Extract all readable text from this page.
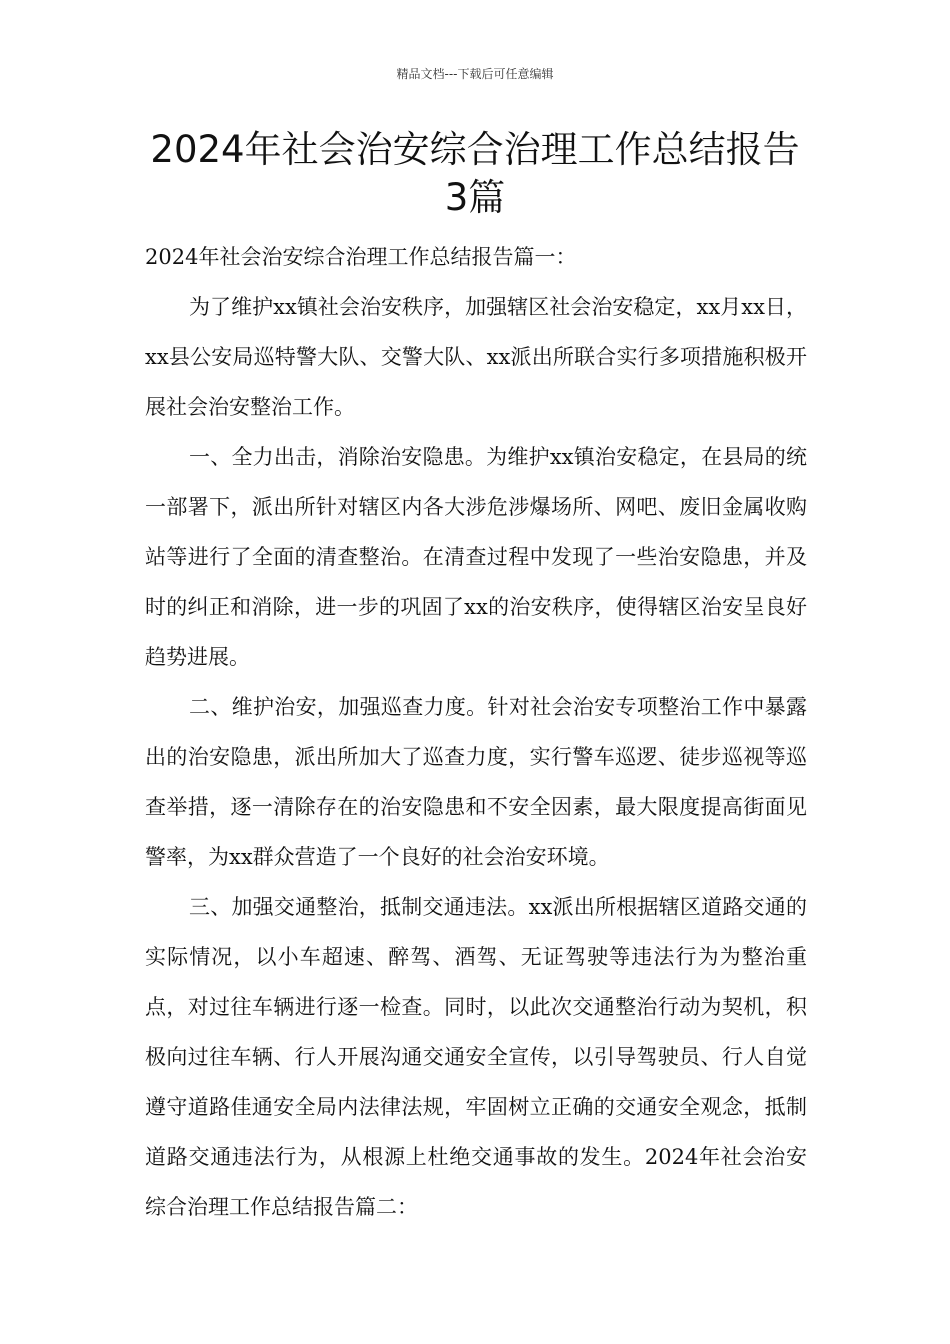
精品文档---下载后可任意编辑
2024年社会治安综合治理工作总结报告
3篇

2024年社会治安综合治理工作总结报告篇一：

为了维护xx镇社会治安秩序，加强辖区社会治安稳定，xx月xx日，xx县公安局巡特警大队、交警大队、xx派出所联合实行多项措施积极开展社会治安整治工作。

一、全力出击，消除治安隐患。为维护xx镇治安稳定，在县局的统一部署下，派出所针对辖区内各大涉危涉爆场所、网吧、废旧金属收购站等进行了全面的清查整治。在清查过程中发现了一些治安隐患，并及时的纠正和消除，进一步的巩固了xx的治安秩序，使得辖区治安呈良好趋势进展。

二、维护治安，加强巡查力度。针对社会治安专项整治工作中暴露出的治安隐患，派出所加大了巡查力度，实行警车巡逻、徒步巡视等巡查举措，逐一清除存在的治安隐患和不安全因素，最大限度提高街面见警率，为xx群众营造了一个良好的社会治安环境。

三、加强交通整治，抵制交通违法。xx派出所根据辖区道路交通的实际情况，以小车超速、醉驾、酒驾、无证驾驶等违法行为为整治重点，对过往车辆进行逐一检查。同时，以此次交通整治行动为契机，积极向过往车辆、行人开展沟通交通安全宣传，以引导驾驶员、行人自觉遵守道路佳通安全局内法律法规，牢固树立正确的交通安全观念，抵制道路交通违法行为，从根源上杜绝交通事故的发生。2024年社会治安综合治理工作总结报告篇二：
